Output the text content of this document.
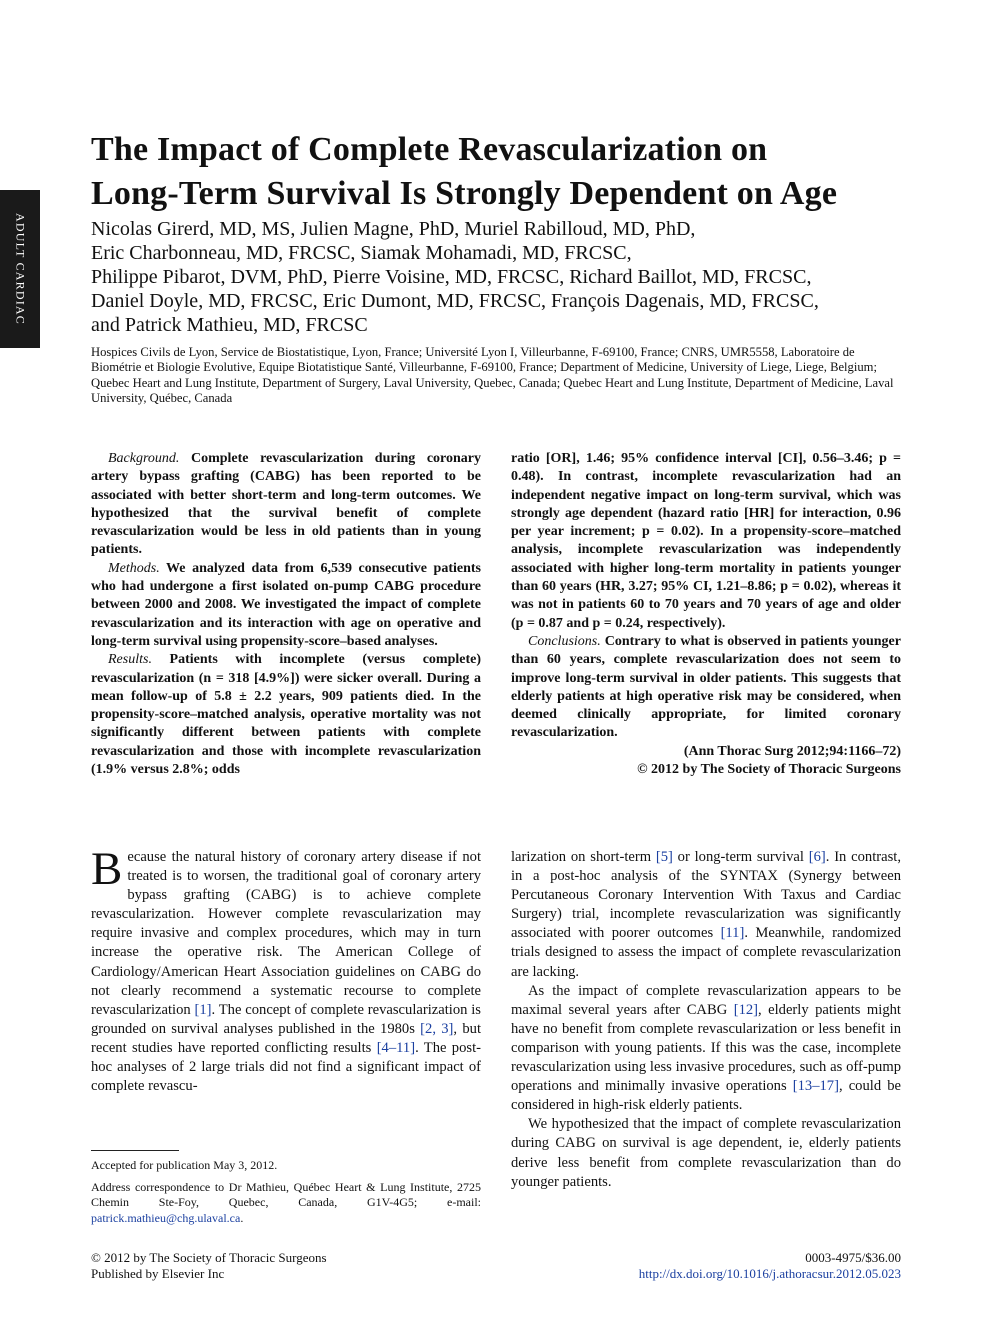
ADULT CARDIAC
The Impact of Complete Revascularization on
Long-Term Survival Is Strongly Dependent on Age
Nicolas Girerd, MD, MS, Julien Magne, PhD, Muriel Rabilloud, MD, PhD,
Eric Charbonneau, MD, FRCSC, Siamak Mohamadi, MD, FRCSC,
Philippe Pibarot, DVM, PhD, Pierre Voisine, MD, FRCSC, Richard Baillot, MD, FRCSC,
Daniel Doyle, MD, FRCSC, Eric Dumont, MD, FRCSC, François Dagenais, MD, FRCSC,
and Patrick Mathieu, MD, FRCSC
Hospices Civils de Lyon, Service de Biostatistique, Lyon, France; Université Lyon I, Villeurbanne, F-69100, France; CNRS, UMR5558, Laboratoire de Biométrie et Biologie Evolutive, Equipe Biotatistique Santé, Villeurbanne, F-69100, France; Department of Medicine, University of Liege, Liege, Belgium; Quebec Heart and Lung Institute, Department of Surgery, Laval University, Quebec, Canada; Quebec Heart and Lung Institute, Department of Medicine, Laval University, Québec, Canada

Background. Complete revascularization during coronary artery bypass grafting (CABG) has been reported to be associated with better short-term and long-term outcomes. We hypothesized that the survival benefit of complete revascularization would be less in old patients than in young patients.

Methods. We analyzed data from 6,539 consecutive patients who had undergone a first isolated on-pump CABG procedure between 2000 and 2008. We investigated the impact of complete revascularization and its interaction with age on operative and long-term survival using propensity-score–based analyses.

Results. Patients with incomplete (versus complete) revascularization (n = 318 [4.9%]) were sicker overall. During a mean follow-up of 5.8 ± 2.2 years, 909 patients died. In the propensity-score–matched analysis, operative mortality was not significantly different between patients with complete revascularization and those with incomplete revascularization (1.9% versus 2.8%; odds

ratio [OR], 1.46; 95% confidence interval [CI], 0.56–3.46; p = 0.48). In contrast, incomplete revascularization had an independent negative impact on long-term survival, which was strongly age dependent (hazard ratio [HR] for interaction, 0.96 per year increment; p = 0.02). In a propensity-score–matched analysis, incomplete revascularization was independently associated with higher long-term mortality in patients younger than 60 years (HR, 3.27; 95% CI, 1.21–8.86; p = 0.02), whereas it was not in patients 60 to 70 years and 70 years of age and older (p = 0.87 and p = 0.24, respectively).

Conclusions. Contrary to what is observed in patients younger than 60 years, complete revascularization does not seem to improve long-term survival in older patients. This suggests that elderly patients at high operative risk may be considered, when deemed clinically appropriate, for limited coronary revascularization.

(Ann Thorac Surg 2012;94:1166–72)

© 2012 by The Society of Thoracic Surgeons

Because the natural history of coronary artery disease if not treated is to worsen, the traditional goal of coronary artery bypass grafting (CABG) is to achieve complete revascularization. However complete revascularization may require invasive and complex procedures, which may in turn increase the operative risk. The American College of Cardiology/American Heart Association guidelines on CABG do not clearly recommend a systematic recourse to complete revascularization [1]. The concept of complete revascularization is grounded on survival analyses published in the 1980s [2, 3], but recent studies have reported conflicting results [4–11]. The post-hoc analyses of 2 large trials did not find a significant impact of complete revascu-

Accepted for publication May 3, 2012.

Address correspondence to Dr Mathieu, Québec Heart & Lung Institute, 2725 Chemin Ste-Foy, Quebec, Canada, G1V-4G5; e-mail: patrick.mathieu@chg.ulaval.ca.

larization on short-term [5] or long-term survival [6]. In contrast, in a post-hoc analysis of the SYNTAX (Synergy between Percutaneous Coronary Intervention With Taxus and Cardiac Surgery) trial, incomplete revascularization was significantly associated with poorer outcomes [11]. Meanwhile, randomized trials designed to assess the impact of complete revascularization are lacking.

As the impact of complete revascularization appears to be maximal several years after CABG [12], elderly patients might have no benefit from complete revascularization or less benefit in comparison with young patients. If this was the case, incomplete revascularization using less invasive procedures, such as off-pump operations and minimally invasive operations [13–17], could be considered in high-risk elderly patients.

We hypothesized that the impact of complete revascularization during CABG on survival is age dependent, ie, elderly patients derive less benefit from complete revascularization than do younger patients.

© 2012 by The Society of Thoracic Surgeons
Published by Elsevier Inc
0003-4975/$36.00
http://dx.doi.org/10.1016/j.athoracsur.2012.05.023
